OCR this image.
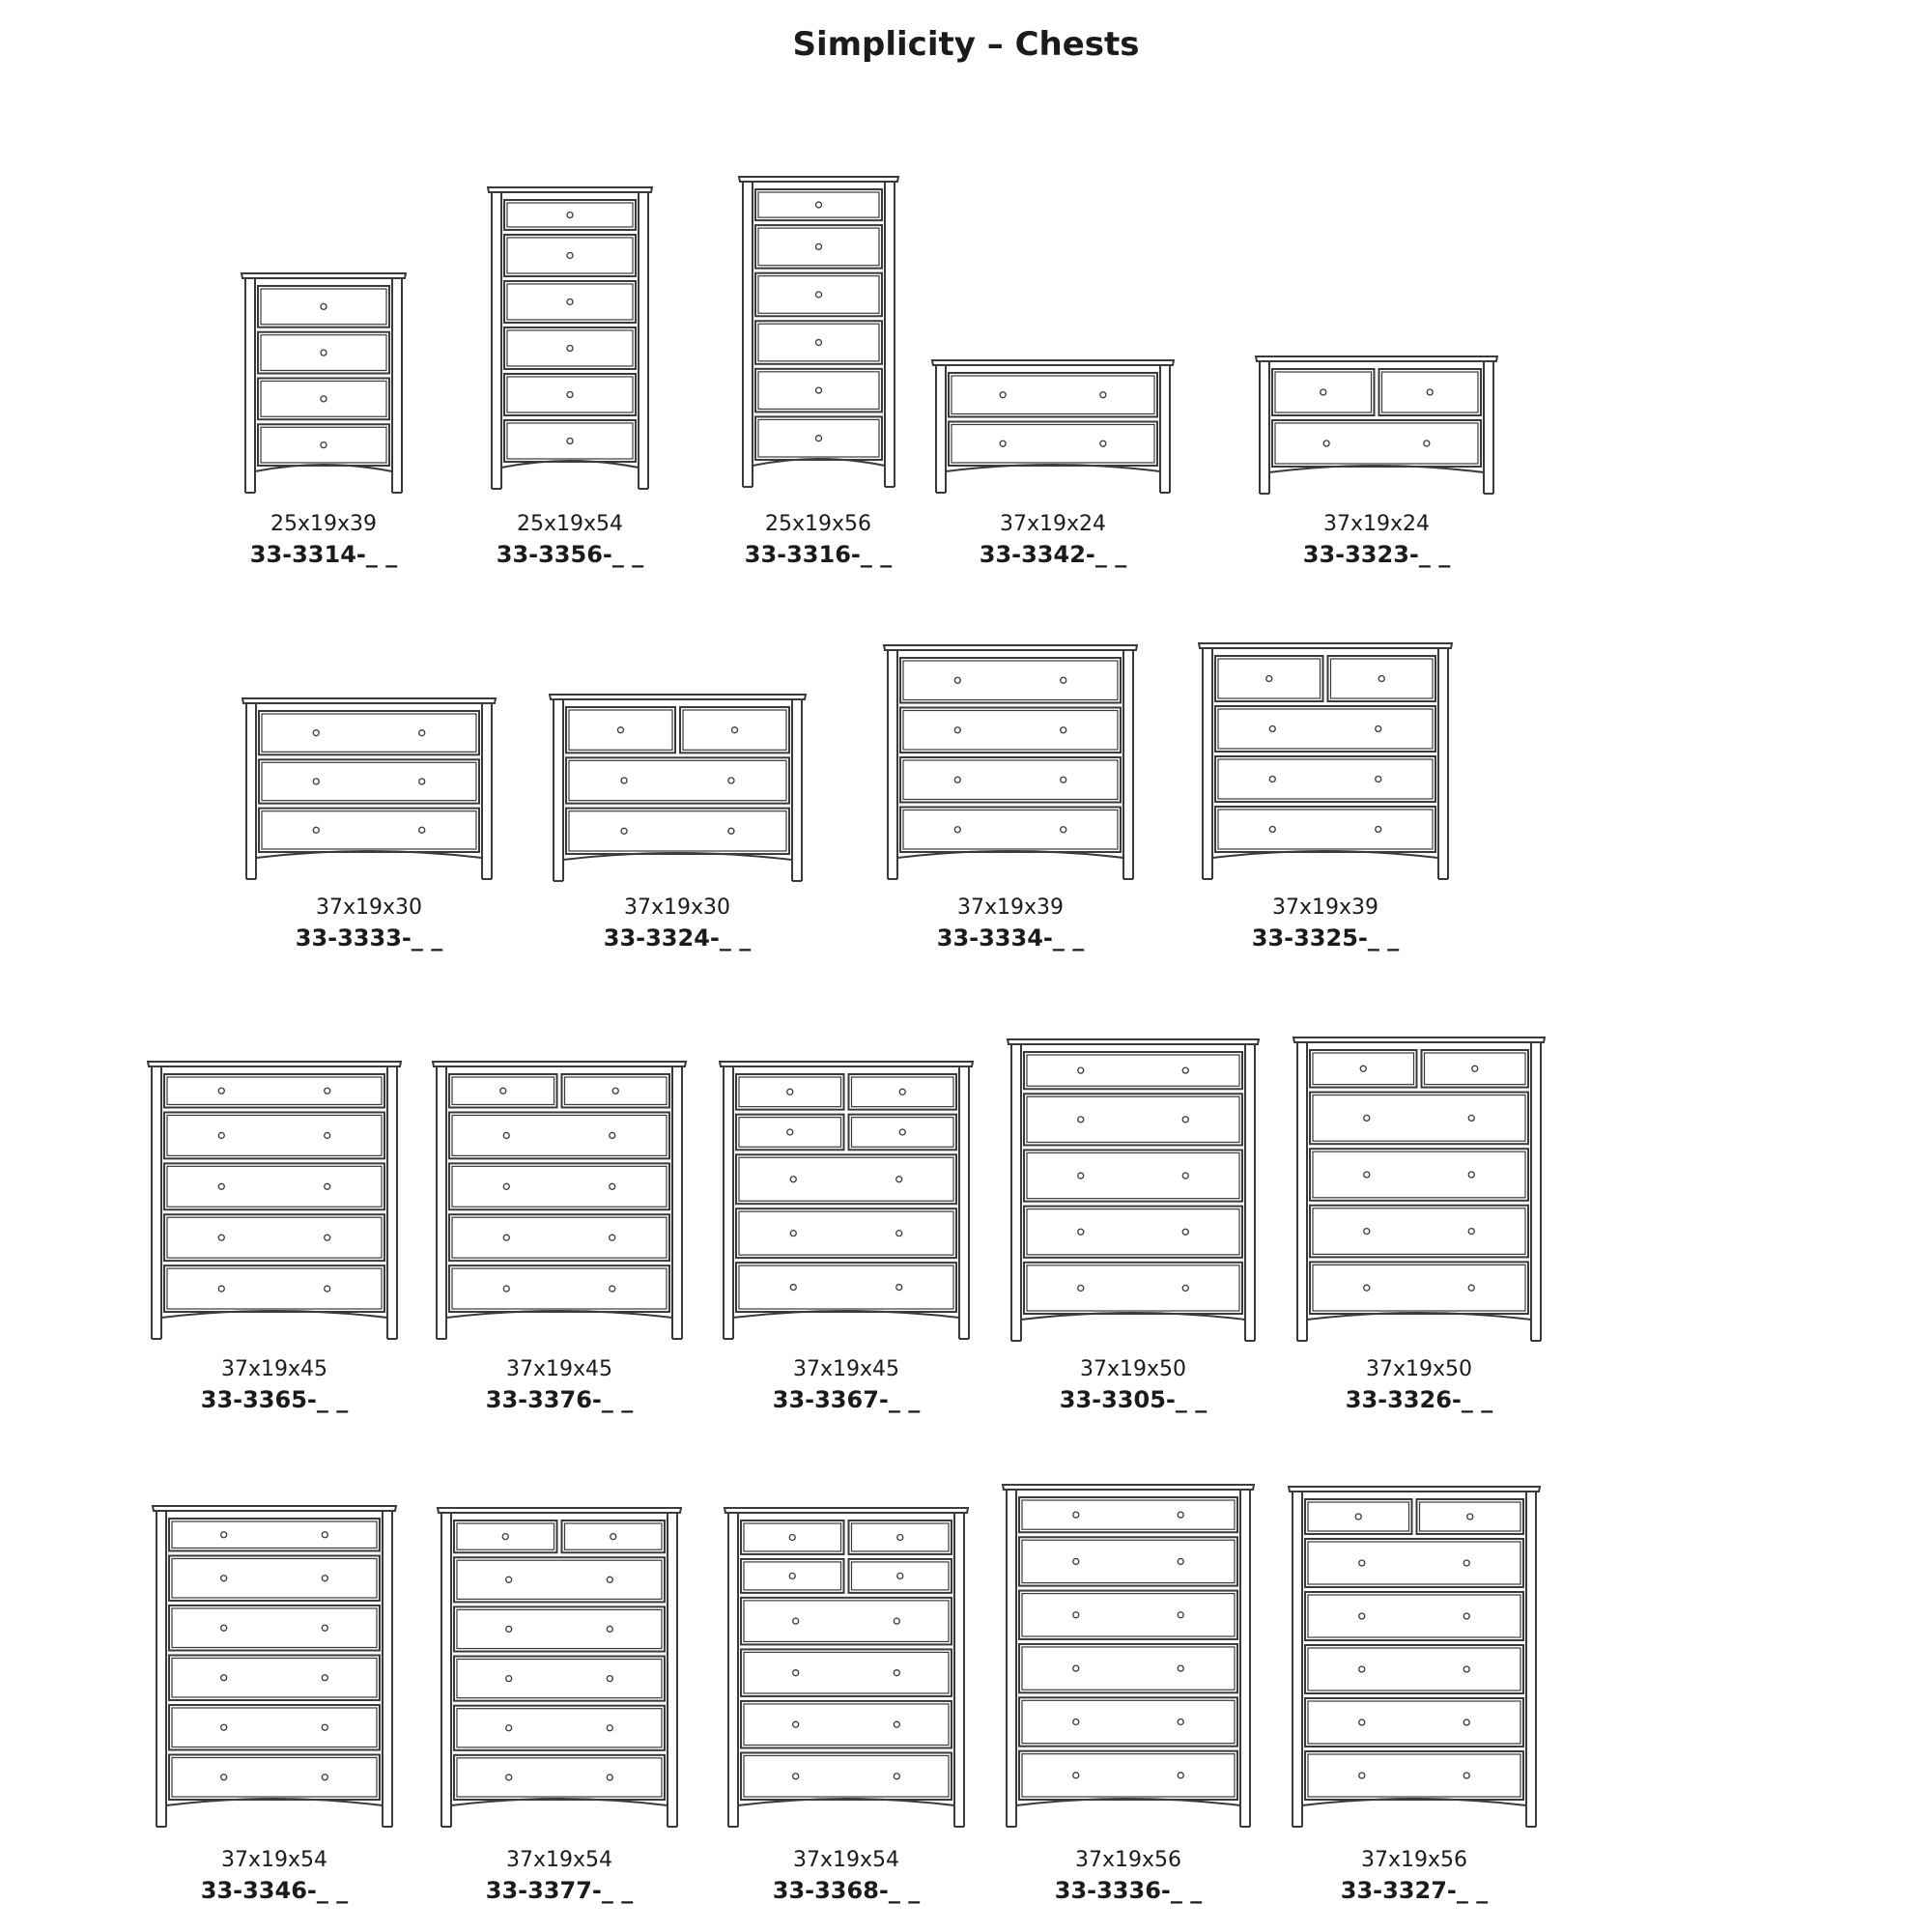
Simplicity – Chests
25x19x39
33-3314-_ _
25x19x54
33-3356-_ _
25x19x56
33-3316-_ _
37x19x24
33-3342-_ _
37x19x24
33-3323-_ _
37x19x30
33-3333-_ _
37x19x30
33-3324-_ _
37x19x39
33-3334-_ _
37x19x39
33-3325-_ _
37x19x45
33-3365-_ _
37x19x45
33-3376-_ _
37x19x45
33-3367-_ _
37x19x50
33-3305-_ _
37x19x50
33-3326-_ _
37x19x54
33-3346-_ _
37x19x54
33-3377-_ _
37x19x54
33-3368-_ _
37x19x56
33-3336-_ _
37x19x56
33-3327-_ _
